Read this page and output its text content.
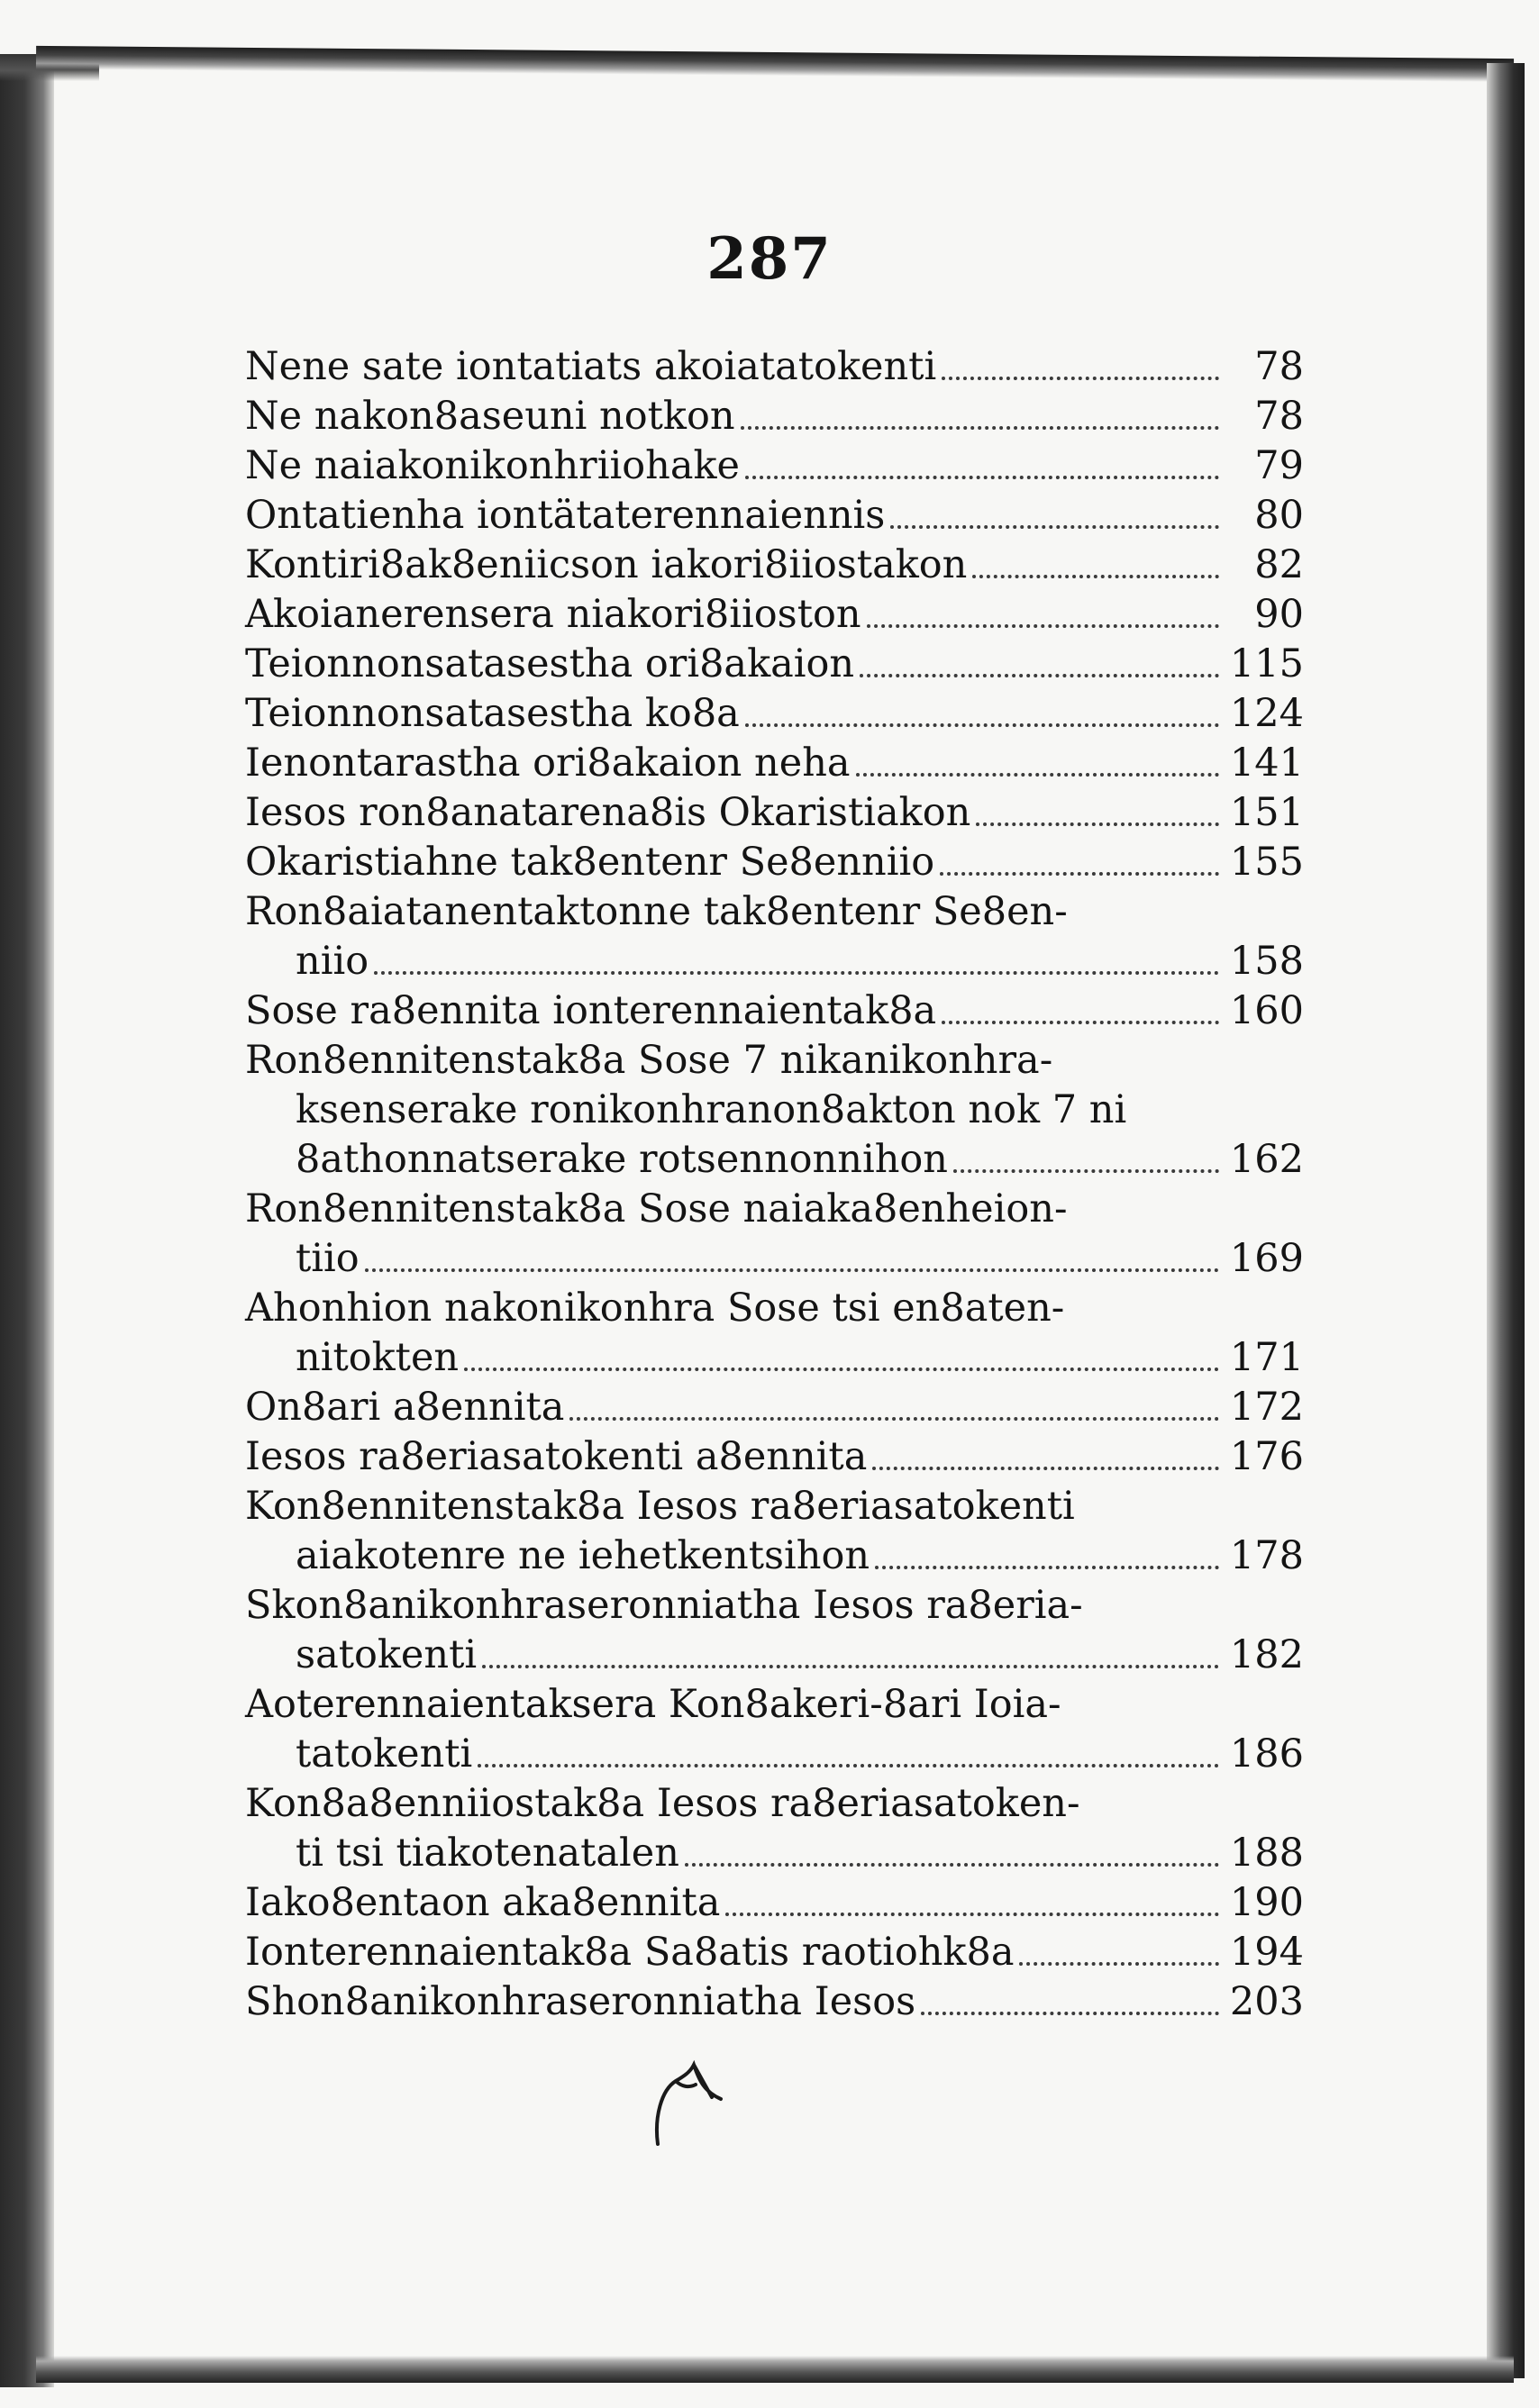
287
Nene sate iontatiats akoiatatokenti	78
Ne nakon8aseuni notkon	78
Ne naiakonikonhriiohake	79
Ontatienha iontätaterennaiennis	80
Kontiri8ak8eniicson iakori8iiostakon	82
Akoianerensera niakori8iioston	90
Teionnonsatasestha ori8akaion	115
Teionnonsatasestha ko8a	124
Ienontarastha ori8akaion neha	141
Iesos ron8anatarena8is Okaristiakon	151
Okaristiahne tak8entenr Se8enniio	155
Ron8aiatanentaktonne tak8entenr Se8en-
niio	158
Sose ra8ennita ionterennaientak8a	160
Ron8ennitenstak8a Sose 7 nikanikonhra-
ksenserake ronikonhranon8akton nok 7 ni
8athonnatserake rotsennonnihon	162
Ron8ennitenstak8a Sose naiaka8enheion-
tiio	169
Ahonhion nakonikonhra Sose tsi en8aten-
nitokten	171
On8ari a8ennita	172
Iesos ra8eriasatokenti a8ennita	176
Kon8ennitenstak8a Iesos ra8eriasatokenti
aiakotenre ne iehetkentsihon	178
Skon8anikonhraseronniatha Iesos ra8eria-
satokenti	182
Aoterennaientaksera Kon8akeri-8ari Ioia-
tatokenti	186
Kon8a8enniiostak8a Iesos ra8eriasatoken-
ti tsi tiakotenatalen	188
Iako8entaon aka8ennita	190
Ionterennaientak8a Sa8atis raotiohk8a	194
Shon8anikonhraseronniatha Iesos	203
